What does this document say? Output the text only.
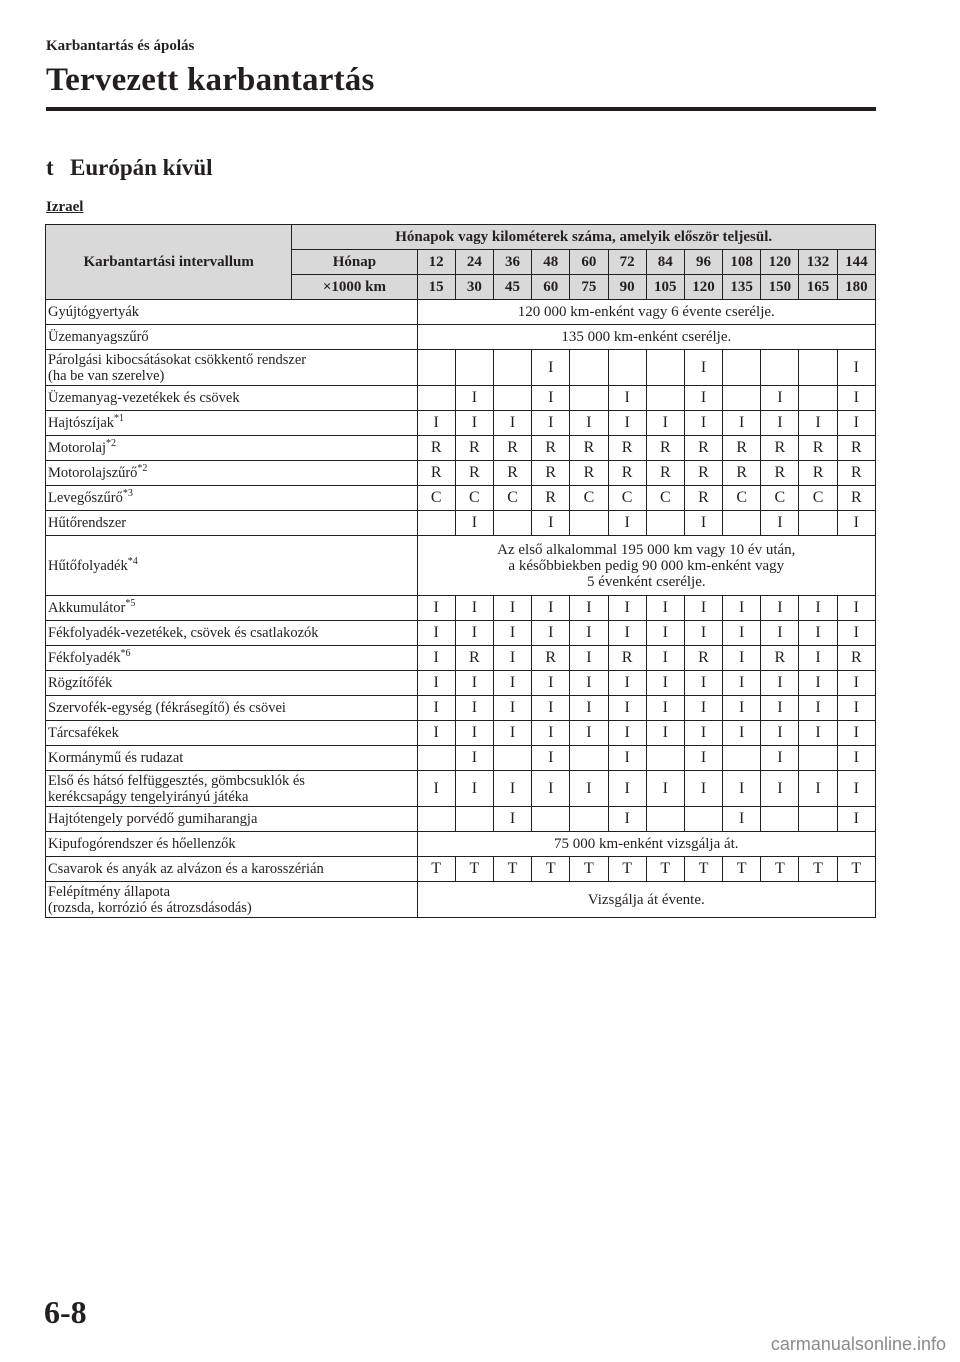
Karbantartás és ápolás
Tervezett karbantartás
t Európán kívül
Izrael
Karbantartási intervallum	Hónapok vagy kilométerek száma, amelyik először teljesül.												
	Hónap	12	24	36	48	60	72	84	96	108	120	132	144
	×1000 km	15	30	45	60	75	90	105	120	135	150	165	180
Gyújtógyertyák		120 000 km-enként vagy 6 évente cserélje.											
Üzemanyagszűrő		135 000 km-enként cserélje.											
Párolgási kibocsátásokat csökkentő rendszer
(ha be van szerelve)					I				I				I
Üzemanyag-vezetékek és csövek			I		I		I		I		I		I
Hajtószíjak$^{*1}$		I	I	I	I	I	I	I	I	I	I	I	I
Motorolaj$^{*2}$		R	R	R	R	R	R	R	R	R	R	R	R
Motorolajszűrő$^{*2}$		R	R	R	R	R	R	R	R	R	R	R	R
Levegőszűrő$^{*3}$		C	C	C	R	C	C	C	R	C	C	C	R
Hűtőrendszer			I		I		I		I		I		I
Hűtőfolyadék$^{*4}$		Az első alkalommal 195 000 km vagy 10 év után,
a későbbiekben pedig 90 000 km-enként vagy
5 évenként cserélje.											
Akkumulátor$^{*5}$		I	I	I	I	I	I	I	I	I	I	I	I
Fékfolyadék-vezetékek, csövek és csatlakozók		I	I	I	I	I	I	I	I	I	I	I	I
Fékfolyadék$^{*6}$		I	R	I	R	I	R	I	R	I	R	I	R
Rögzítőfék		I	I	I	I	I	I	I	I	I	I	I	I
Szervofék-egység (fékrásegítő) és csövei		I	I	I	I	I	I	I	I	I	I	I	I
Tárcsafékek		I	I	I	I	I	I	I	I	I	I	I	I
Kormánymű és rudazat			I		I		I		I		I		I
Első és hátsó felfüggesztés, gömbcsuklók és
kerékcsapágy tengelyirányú játéka		I	I	I	I	I	I	I	I	I	I	I	I
Hajtótengely porvédő gumiharangja				I			I			I			I
Kipufogórendszer és hőellenzők		75 000 km-enként vizsgálja át.											
Csavarok és anyák az alvázon és a karosszérián		T	T	T	T	T	T	T	T	T	T	T	T
Felépítmény állapota
(rozsda, korrózió és átrozsdásodás)		Vizsgálja át évente.											
6-8
carmanualsonline.info
